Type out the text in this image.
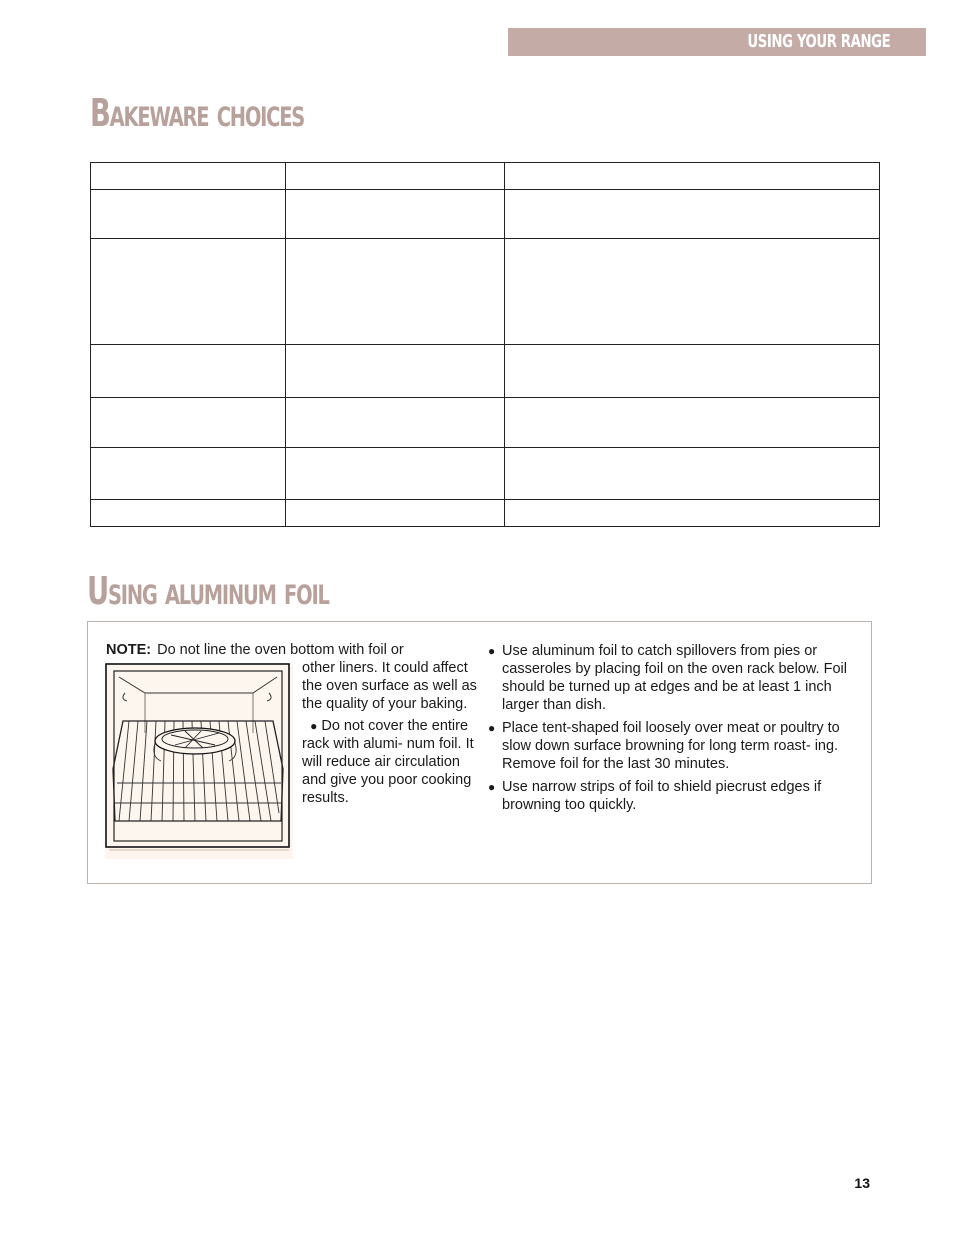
USING YOUR RANGE
Bakeware choices

Using aluminum foil

NOTE: Do not line the oven bottom with foil or

other liners. It could affect the oven surface as well as the quality of your baking.

● Do not cover the entire rack with alumi- num foil. It will reduce air circulation and give you poor cooking results.

● Use aluminum foil to catch spillovers from pies or casseroles by placing foil on the oven rack below. Foil should be turned up at edges and be at least 1 inch larger than dish.

● Place tent-shaped foil loosely over meat or poultry to slow down surface browning for long term roast- ing. Remove foil for the last 30 minutes.

● Use narrow strips of foil to shield piecrust edges if browning too quickly.

13
